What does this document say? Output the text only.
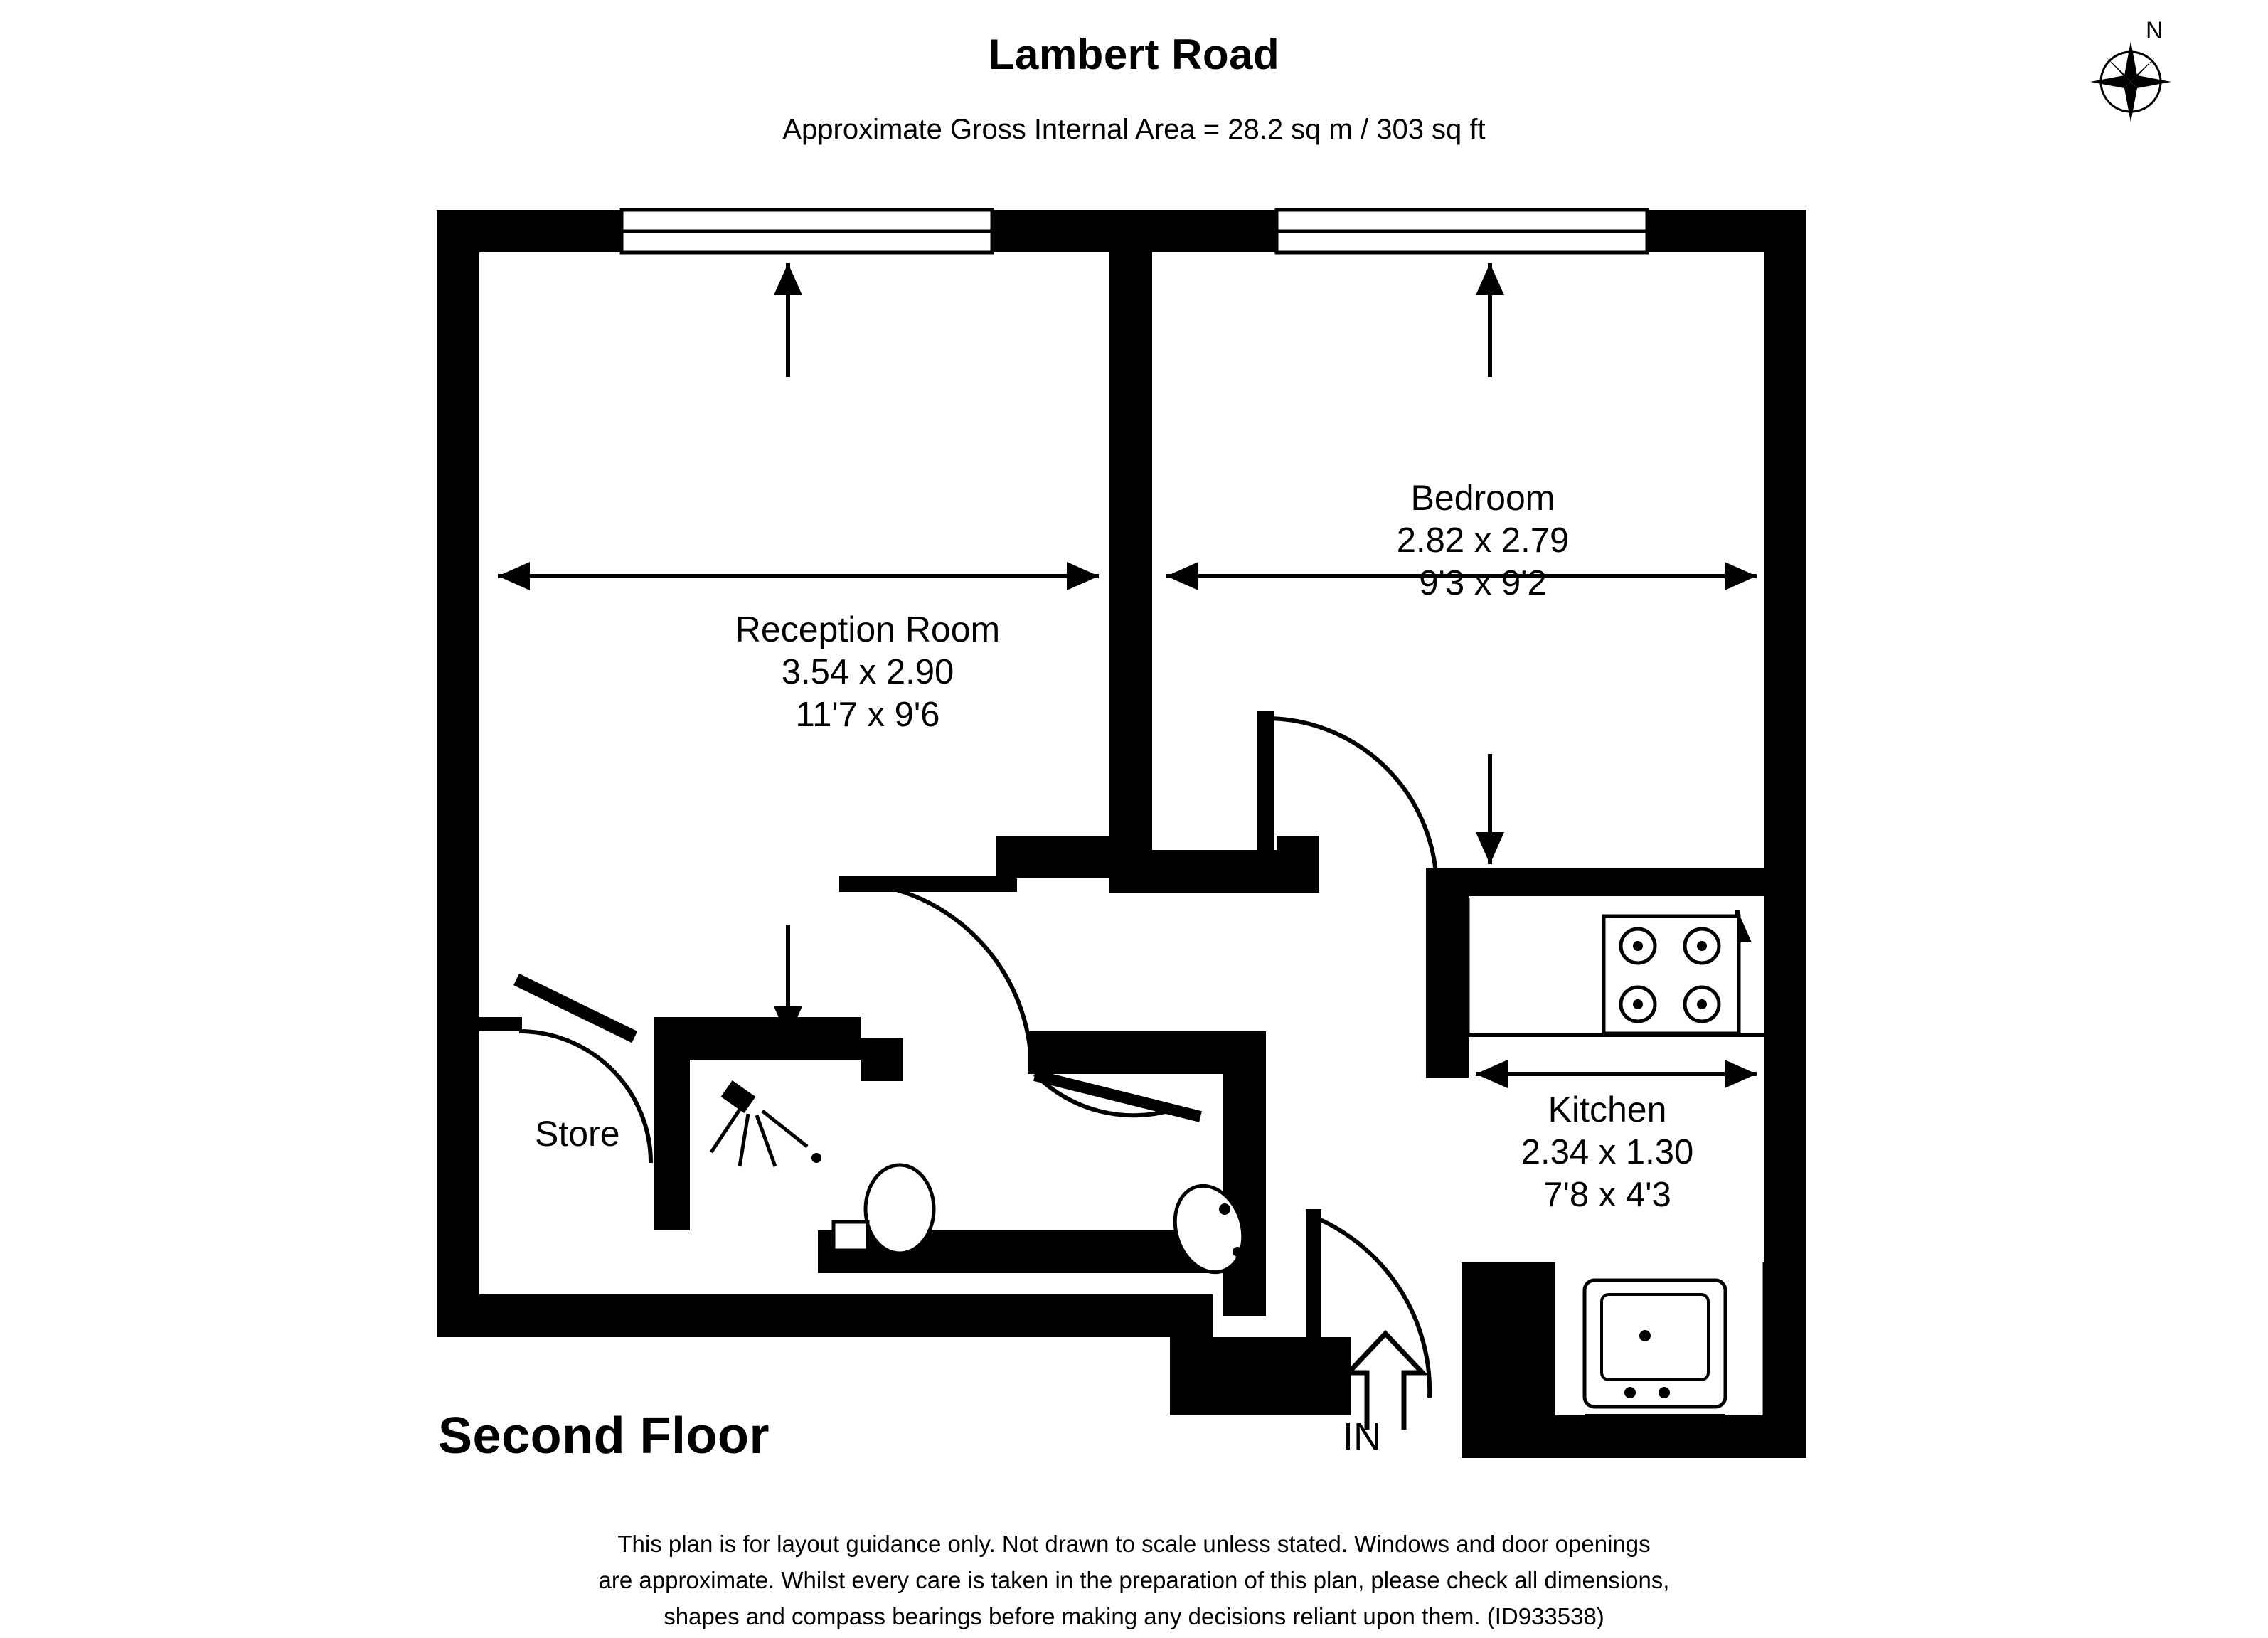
Lambert Road
Approximate Gross Internal Area = 28.2 sq m / 303 sq ft
N
Reception Room
3.54 x 2.90
11'7 x 9'6
Bedroom
2.82 x 2.79
9'3 x 9'2
Kitchen
2.34 x 1.30
7'8 x 4'3
Store
Second Floor	IN
This plan is for layout guidance only. Not drawn to scale unless stated. Windows and door openings
are approximate. Whilst every care is taken in the preparation of this plan, please check all dimensions,
shapes and compass bearings before making any decisions reliant upon them. (ID933538)
